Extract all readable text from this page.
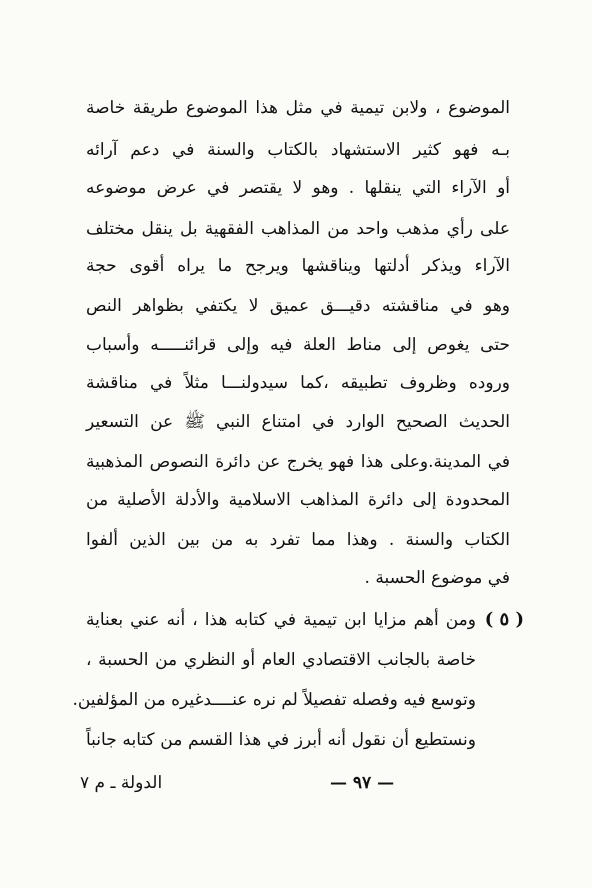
الموضوع ، ولابن تيمية في مثل هذا الموضوع طريقة خاصة
بـه فهو كثير الاستشهاد بالكتاب والسنة في دعم آرائه
أو الآراء التي ينقلها . وهو لا يقتصر في عرض موضوعه
على رأي مذهب واحد من المذاهب الفقهية بل ينقل مختلف
الآراء ويذكر أدلتها ويناقشها ويرجح ما يراه أقوى حجة
وهو في مناقشته دقيـــق عميق لا يكتفي بظواهر النص
حتى يغوص إلى مناط العلة فيه وإلى قرائنـــــه وأسباب
وروده وظروف تطبيقه ،كما سيدولنـــا مثلاً في مناقشة
الحديث الصحيح الوارد في امتناع النبي ﷺ عن التسعير
في المدينة.وعلى هذا فهو يخرج عن دائرة النصوص المذهبية
المحدودة إلى دائرة المذاهب الاسلامية والأدلة الأصلية من
الكتاب والسنة . وهذا مما تفرد به من بين الذين ألفوا
في موضوع الحسبة .
( ٥ )
ومن أهم مزايا ابن تيمية في كتابه هذا ، أنه عني بعناية
خاصة بالجانب الاقتصادي العام أو النظري من الحسبة ،
وتوسع فيه وفصله تفصيلاً لم نره عنــــدغيره من المؤلفين.
ونستطيع أن نقول أنه أبرز في هذا القسم من كتابه جانباً
— ٩٧ —
الدولة ـ م ٧
